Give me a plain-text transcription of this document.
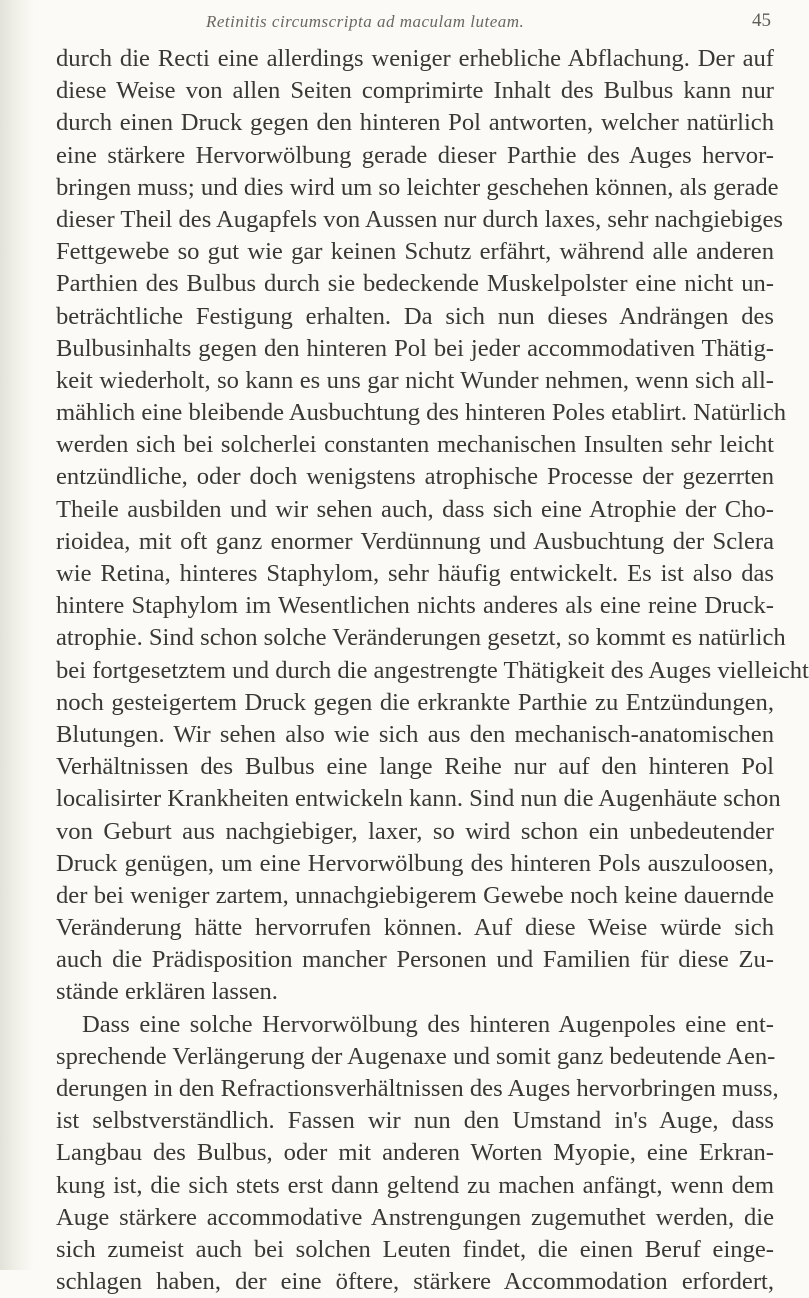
Retinitis circumscripta ad maculam luteam.	45
durch die Recti eine allerdings weniger erhebliche Abflachung. Der auf
diese Weise von allen Seiten comprimirte Inhalt des Bulbus kann nur
durch einen Druck gegen den hinteren Pol antworten, welcher natürlich
eine stärkere Hervorwölbung gerade dieser Parthie des Auges hervor-
bringen muss; und dies wird um so leichter geschehen können, als gerade
dieser Theil des Augapfels von Aussen nur durch laxes, sehr nachgiebiges
Fettgewebe so gut wie gar keinen Schutz erfährt, während alle anderen
Parthien des Bulbus durch sie bedeckende Muskelpolster eine nicht un-
beträchtliche Festigung erhalten. Da sich nun dieses Andrängen des
Bulbusinhalts gegen den hinteren Pol bei jeder accommodativen Thätig-
keit wiederholt, so kann es uns gar nicht Wunder nehmen, wenn sich all-
mählich eine bleibende Ausbuchtung des hinteren Poles etablirt. Natürlich
werden sich bei solcherlei constanten mechanischen Insulten sehr leicht
entzündliche, oder doch wenigstens atrophische Processe der gezerrten
Theile ausbilden und wir sehen auch, dass sich eine Atrophie der Cho-
rioidea, mit oft ganz enormer Verdünnung und Ausbuchtung der Sclera
wie Retina, hinteres Staphylom, sehr häufig entwickelt. Es ist also das
hintere Staphylom im Wesentlichen nichts anderes als eine reine Druck-
atrophie. Sind schon solche Veränderungen gesetzt, so kommt es natürlich
bei fortgesetztem und durch die angestrengte Thätigkeit des Auges vielleicht
noch gesteigertem Druck gegen die erkrankte Parthie zu Entzündungen,
Blutungen. Wir sehen also wie sich aus den mechanisch-anatomischen
Verhältnissen des Bulbus eine lange Reihe nur auf den hinteren Pol
localisirter Krankheiten entwickeln kann. Sind nun die Augenhäute schon
von Geburt aus nachgiebiger, laxer, so wird schon ein unbedeutender
Druck genügen, um eine Hervorwölbung des hinteren Pols auszuloosen,
der bei weniger zartem, unnachgiebigerem Gewebe noch keine dauernde
Veränderung hätte hervorrufen können. Auf diese Weise würde sich
auch die Prädisposition mancher Personen und Familien für diese Zu-
stände erklären lassen.
Dass eine solche Hervorwölbung des hinteren Augenpoles eine ent-
sprechende Verlängerung der Augenaxe und somit ganz bedeutende Aen-
derungen in den Refractionsverhältnissen des Auges hervorbringen muss,
ist selbstverständlich. Fassen wir nun den Umstand in's Auge, dass
Langbau des Bulbus, oder mit anderen Worten Myopie, eine Erkran-
kung ist, die sich stets erst dann geltend zu machen anfängt, wenn dem
Auge stärkere accommodative Anstrengungen zugemuthet werden, die
sich zumeist auch bei solchen Leuten findet, die einen Beruf einge-
schlagen haben, der eine öftere, stärkere Accommodation erfordert,
